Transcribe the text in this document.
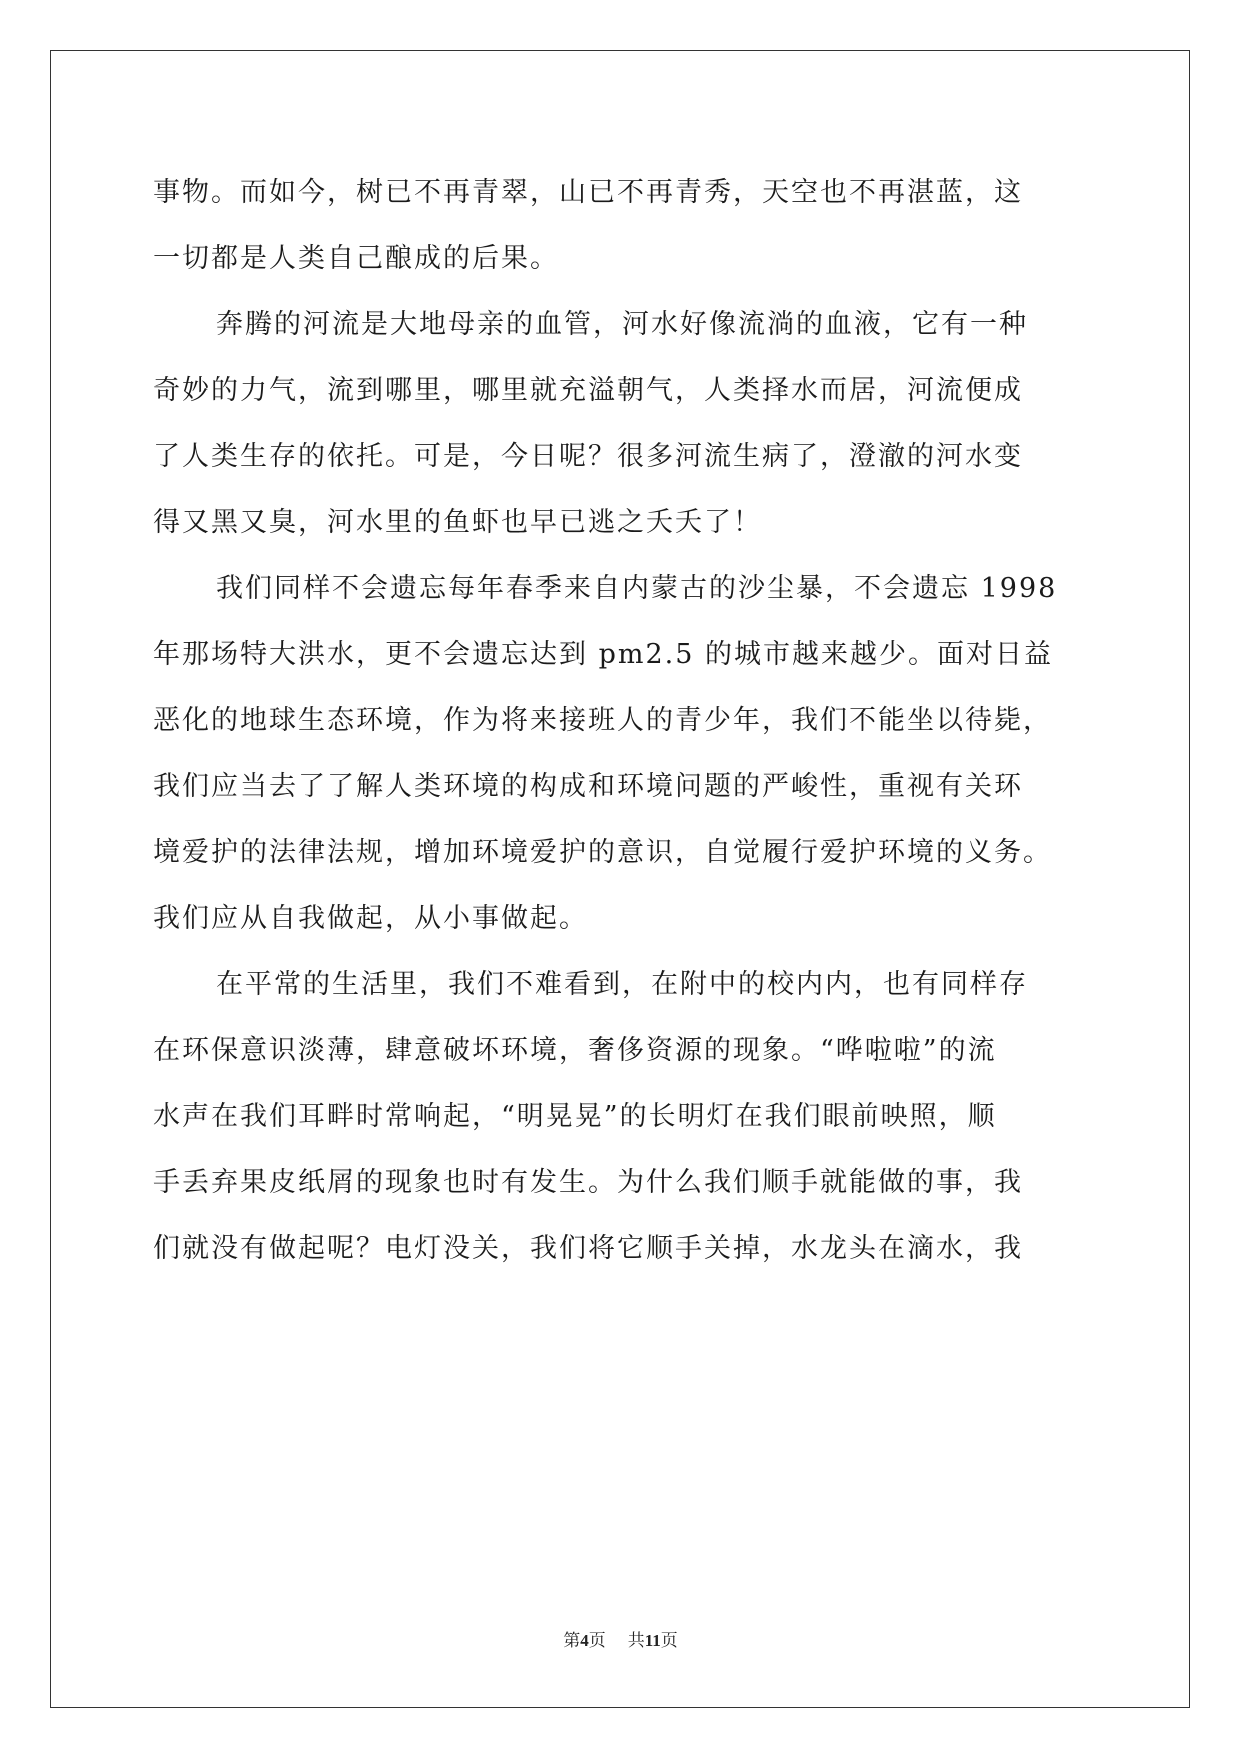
事物。而如今，树已不再青翠，山已不再青秀，天空也不再湛蓝，这
一切都是人类自己酿成的后果。
奔腾的河流是大地母亲的血管，河水好像流淌的血液，它有一种
奇妙的力气，流到哪里，哪里就充溢朝气，人类择水而居，河流便成
了人类生存的依托。可是，今日呢？很多河流生病了，澄澈的河水变
得又黑又臭，河水里的鱼虾也早已逃之夭夭了！
我们同样不会遗忘每年春季来自内蒙古的沙尘暴，不会遗忘 1998
年那场特大洪水，更不会遗忘达到 pm2.5 的城市越来越少。面对日益
恶化的地球生态环境，作为将来接班人的青少年，我们不能坐以待毙，
我们应当去了了解人类环境的构成和环境问题的严峻性，重视有关环
境爱护的法律法规，增加环境爱护的意识，自觉履行爱护环境的义务。
我们应从自我做起，从小事做起。
在平常的生活里，我们不难看到，在附中的校内内，也有同样存
在环保意识淡薄，肆意破坏环境，奢侈资源的现象。“哗啦啦”的流
水声在我们耳畔时常响起，“明晃晃”的长明灯在我们眼前映照，顺
手丢弃果皮纸屑的现象也时有发生。为什么我们顺手就能做的事，我
们就没有做起呢？电灯没关，我们将它顺手关掉，水龙头在滴水，我
第4页 共11页
